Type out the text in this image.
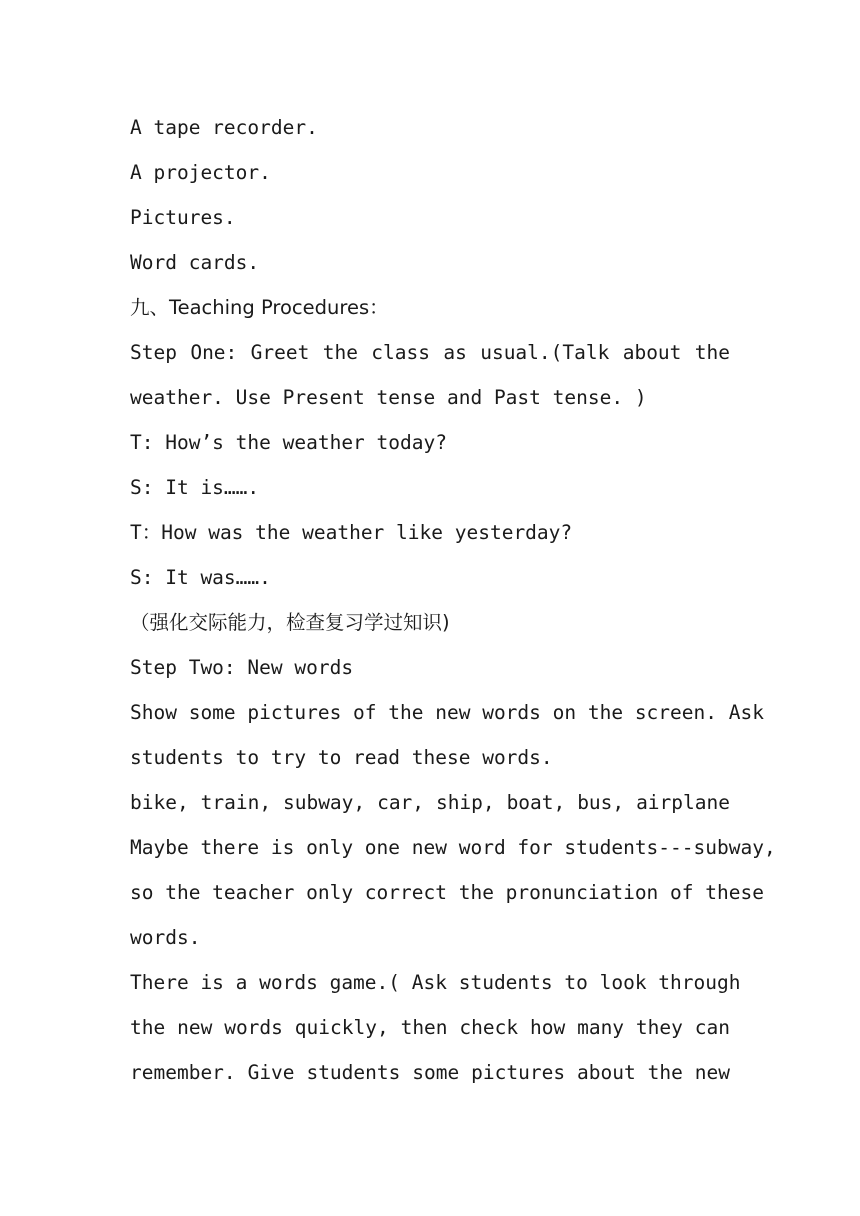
A tape recorder.
A projector.
Pictures.
Word cards.
九、Teaching Procedures：
Step One: Greet the class as usual.(Talk about the
weather. Use Present tense and Past tense. )
T: How’s the weather today?
S: It is…….
T：How was the weather like yesterday?
S: It was…….
（强化交际能力，检查复习学过知识)
Step Two: New words
Show some pictures of the new words on the screen. Ask
students to try to read these words.
bike, train, subway, car, ship, boat, bus, airplane
Maybe there is only one new word for students---subway,
so the teacher only correct the pronunciation of these
words.
There is a words game.( Ask students to look through
the new words quickly, then check how many they can
remember. Give students some pictures about the new
